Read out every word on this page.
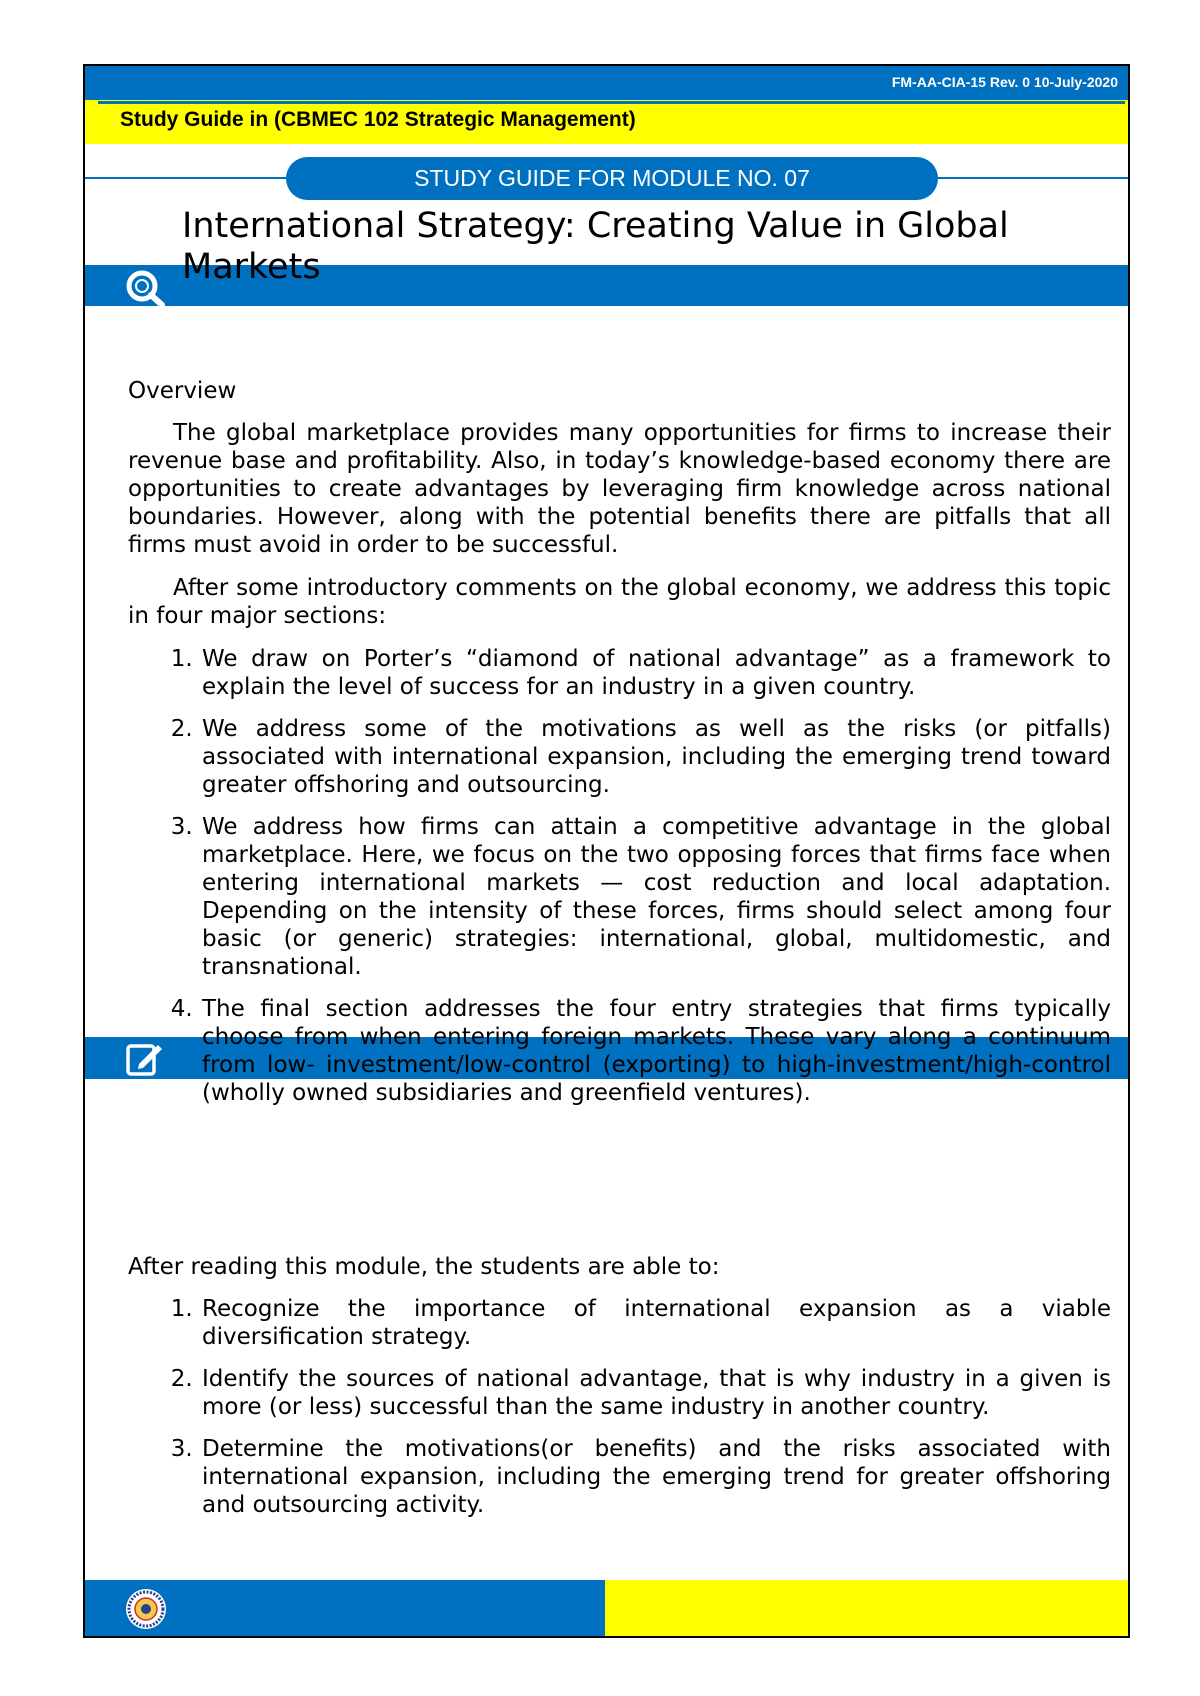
FM-AA-CIA-15 Rev. 0 10-July-2020
Study Guide in (CBMEC 102 Strategic Management)
STUDY GUIDE FOR MODULE NO. 07
International Strategy: Creating Value in Global Markets

Overview

The global marketplace provides many opportunities for firms to increase their revenue base and profitability. Also, in today’s knowledge-based economy there are opportunities to create advantages by leveraging firm knowledge across national boundaries. However, along with the potential benefits there are pitfalls that all firms must avoid in order to be successful.

After some introductory comments on the global economy, we address this topic in four major sections:

1. We draw on Porter’s “diamond of national advantage” as a framework to explain the level of success for an industry in a given country.
2. We address some of the motivations as well as the risks (or pitfalls) associated with international expansion, including the emerging trend toward greater offshoring and outsourcing.
3. We address how firms can attain a competitive advantage in the global marketplace. Here, we focus on the two opposing forces that firms face when entering international markets — cost reduction and local adaptation. Depending on the intensity of these forces, firms should select among four basic (or generic) strategies: international, global, multidomestic, and transnational.
4. The final section addresses the four entry strategies that firms typically choose from when entering foreign markets. These vary along a continuum from low- investment/low-control (exporting) to high-investment/high-control (wholly owned subsidiaries and greenfield ventures).

After reading this module, the students are able to:

1. Recognize the importance of international expansion as a viable diversification strategy.
2. Identify the sources of national advantage, that is why industry in a given is more (or less) successful than the same industry in another country.
3. Determine the motivations(or benefits) and the risks associated with international expansion, including the emerging trend for greater offshoring and outsourcing activity.
